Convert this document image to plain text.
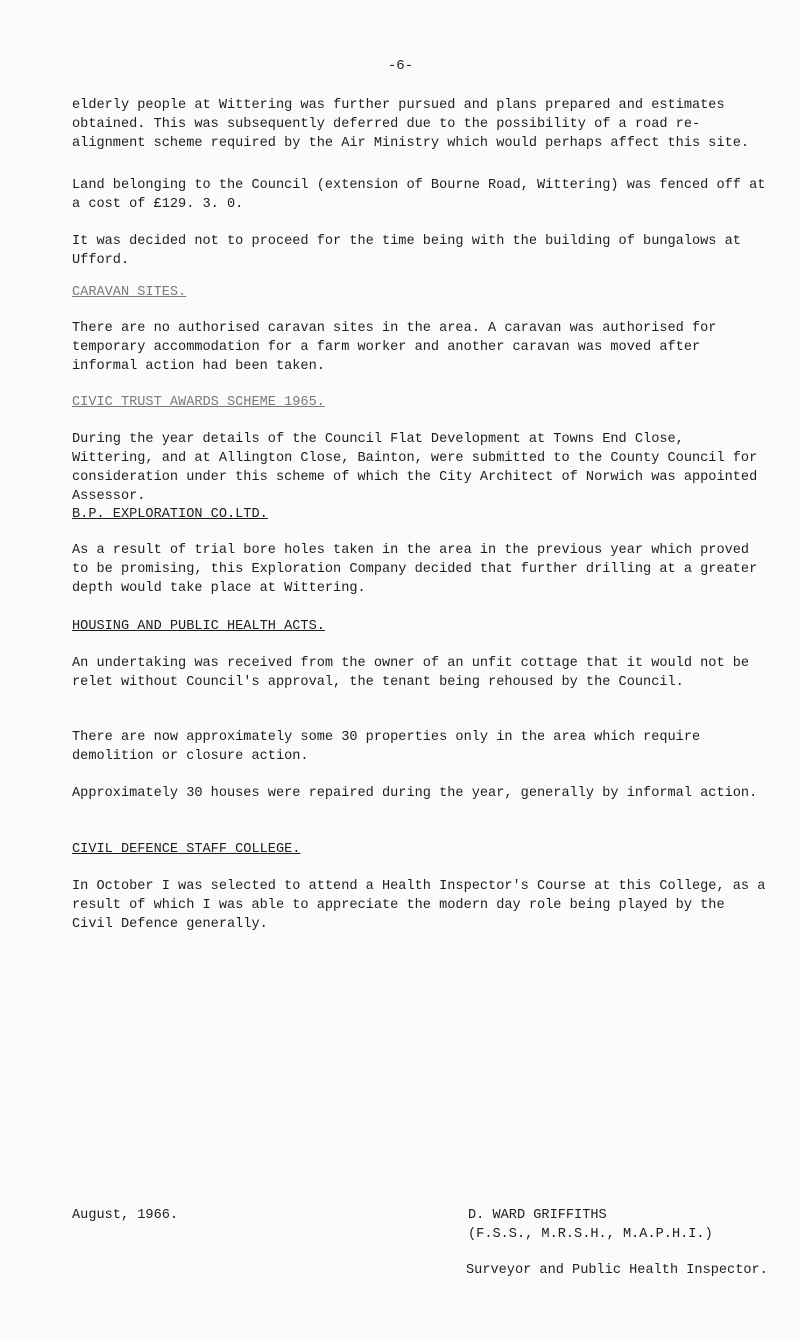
-6-
elderly people at Wittering was further pursued and plans prepared and estimates obtained. This was subsequently deferred due to the possibility of a road re-alignment scheme required by the Air Ministry which would perhaps affect this site.
Land belonging to the Council (extension of Bourne Road, Wittering) was fenced off at a cost of £129. 3. 0.
It was decided not to proceed for the time being with the building of bungalows at Ufford.
CARAVAN SITES.
There are no authorised caravan sites in the area. A caravan was authorised for temporary accommodation for a farm worker and another caravan was moved after informal action had been taken.
CIVIC TRUST AWARDS SCHEME 1965.
During the year details of the Council Flat Development at Towns End Close, Wittering, and at Allington Close, Bainton, were submitted to the County Council for consideration under this scheme of which the City Architect of Norwich was appointed Assessor.
B.P. EXPLORATION CO.LTD.
As a result of trial bore holes taken in the area in the previous year which proved to be promising, this Exploration Company decided that further drilling at a greater depth would take place at Wittering.
HOUSING AND PUBLIC HEALTH ACTS.
An undertaking was received from the owner of an unfit cottage that it would not be relet without Council's approval, the tenant being rehoused by the Council.
There are now approximately some 30 properties only in the area which require demolition or closure action.
Approximately 30 houses were repaired during the year, generally by informal action.
CIVIL DEFENCE STAFF COLLEGE.
In October I was selected to attend a Health Inspector's Course at this College, as a result of which I was able to appreciate the modern day role being played by the Civil Defence generally.
August, 1966.	D. WARD GRIFFITHS
(F.S.S., M.R.S.H., M.A.P.H.I.)
Surveyor and Public Health Inspector.
